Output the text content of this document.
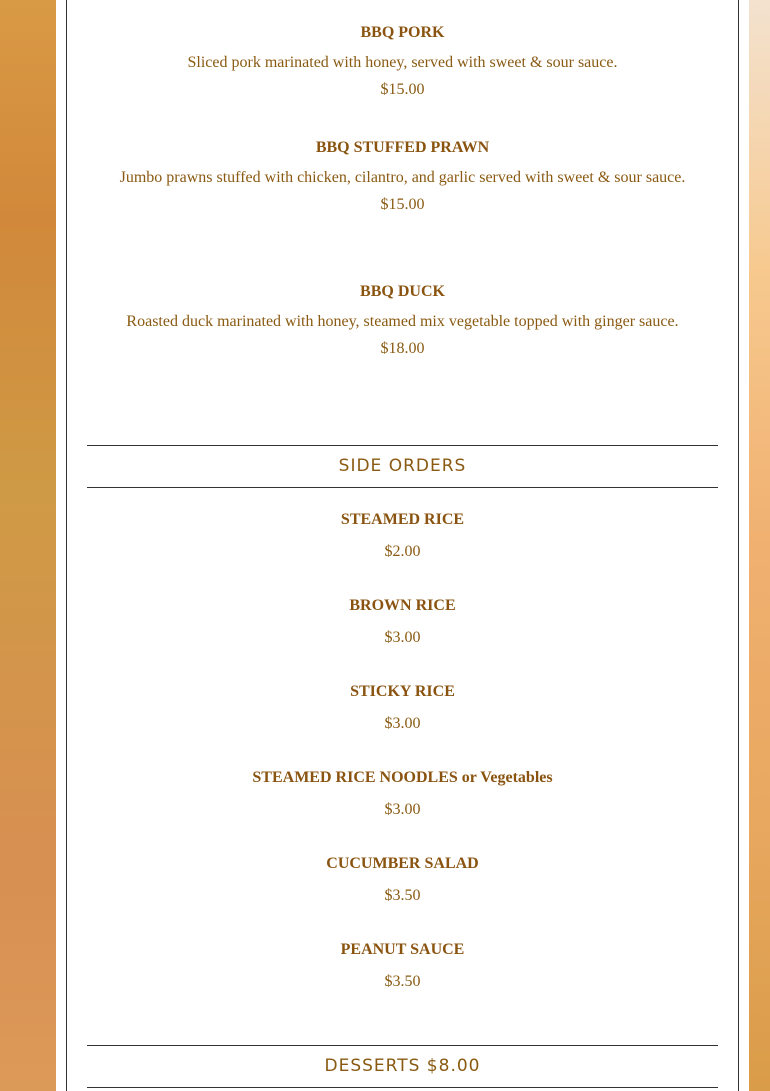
BBQ PORK
Sliced pork marinated with honey, served with sweet & sour sauce.
$15.00
BBQ STUFFED PRAWN
Jumbo prawns stuffed with chicken, cilantro, and garlic served with sweet & sour sauce.
$15.00
BBQ DUCK
Roasted duck marinated with honey, steamed mix vegetable topped with ginger sauce.
$18.00
SIDE ORDERS
STEAMED RICE
$2.00
BROWN RICE
$3.00
STICKY RICE
$3.00
STEAMED RICE NOODLES or Vegetables
$3.00
CUCUMBER SALAD
$3.50
PEANUT SAUCE
$3.50
DESSERTS $8.00
